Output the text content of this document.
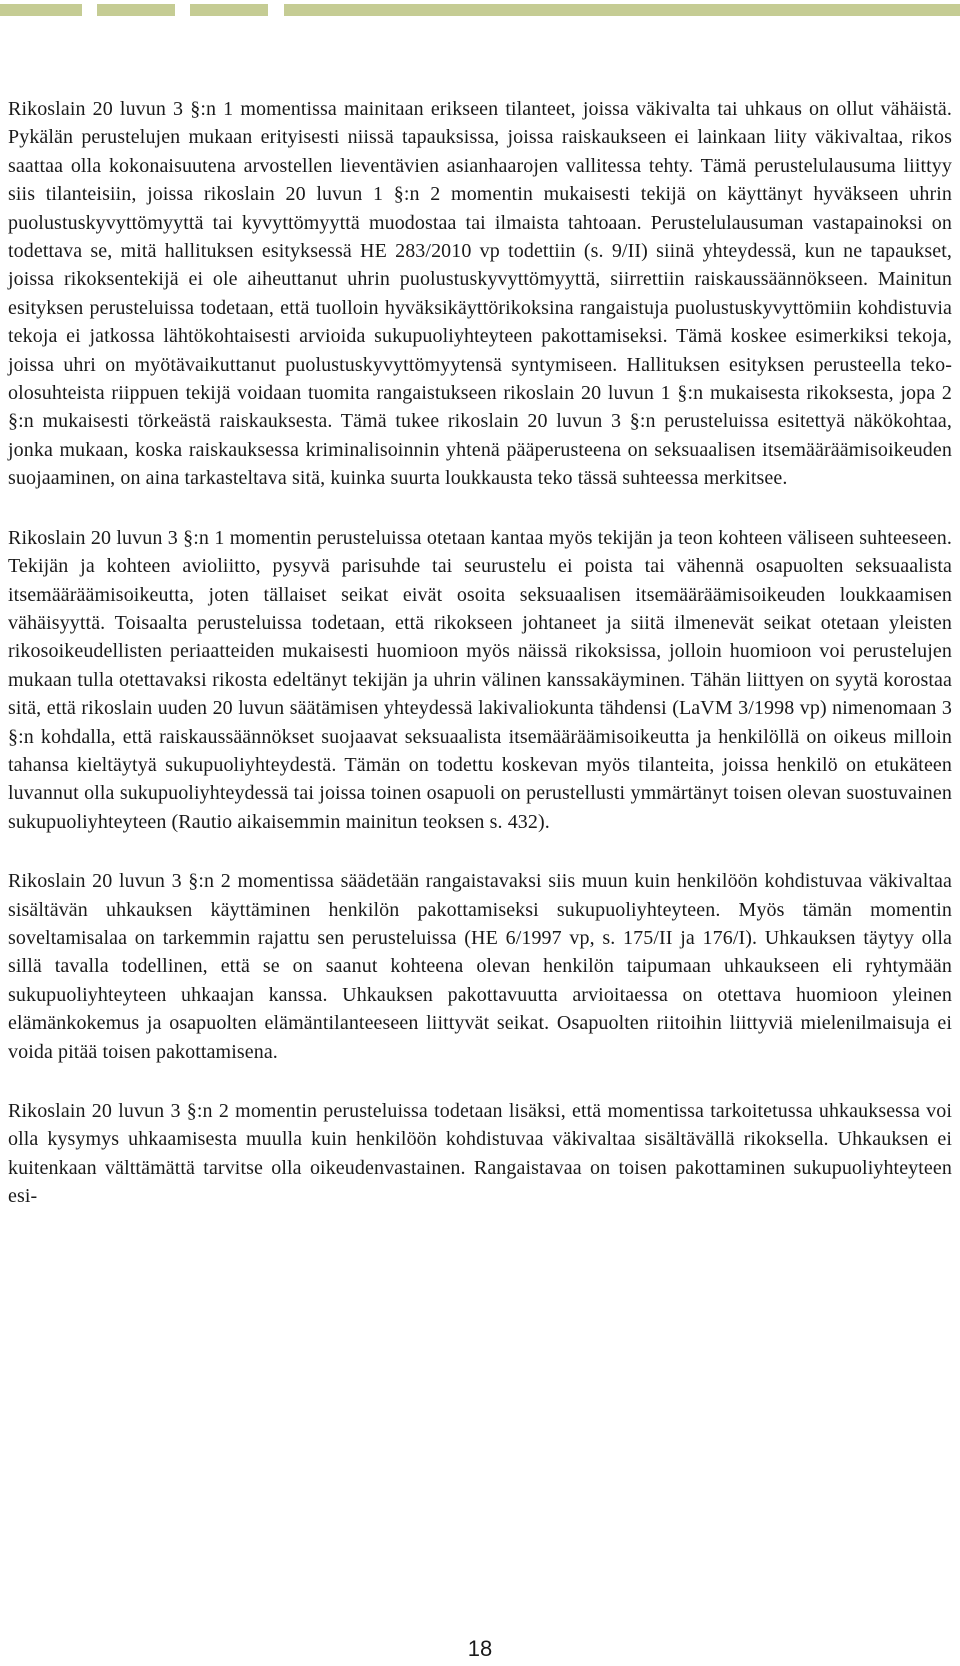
Rikoslain 20 luvun 3 §:n 1 momentissa mainitaan erikseen tilanteet, joissa väkivalta tai uhkaus on ollut vähäistä. Pykälän perustelujen mukaan erityisesti niissä tapauksissa, joissa raiskaukseen ei lainkaan liity väkivaltaa, rikos saattaa olla kokonaisuutena arvostellen lieventävien asianhaarojen vallitessa tehty. Tämä perustelulausuma liittyy siis tilanteisiin, joissa rikoslain 20 luvun 1 §:n 2 momentin mukaisesti tekijä on käyttänyt hyväkseen uhrin puolustuskyvyttömyyttä tai kyvyttömyyttä muodostaa tai ilmaista tahtoaan. Perustelulausuman vastapainoksi on todettava se, mitä hallituksen esityksessä HE 283/2010 vp todettiin (s. 9/II) siinä yhteydessä, kun ne tapaukset, joissa rikoksentekijä ei ole aiheuttanut uhrin puolustuskyvyttömyyttä, siirrettiin raiskaussäännökseen. Mainitun esityksen perusteluissa todetaan, että tuolloin hyväksikäyttörikoksina rangaistuja puolustuskyvyttömiin kohdistuvia tekoja ei jatkossa lähtökohtaisesti arvioida sukupuoliyhteyteen pakottamiseksi. Tämä koskee esimerkiksi tekoja, joissa uhri on myötävaikuttanut puolustuskyvyttömyytensä syntymiseen. Hallituksen esityksen perusteella teko-olosuhteista riippuen tekijä voidaan tuomita rangaistukseen rikoslain 20 luvun 1 §:n mukaisesta rikoksesta, jopa 2 §:n mukaisesti törkeästä raiskauksesta. Tämä tukee rikoslain 20 luvun 3 §:n perusteluissa esitettyä näkökohtaa, jonka mukaan, koska raiskauksessa kriminalisoinnin yhtenä pääperusteena on seksuaalisen itsemääräämisoikeuden suojaaminen, on aina tarkasteltava sitä, kuinka suurta loukkausta teko tässä suhteessa merkitsee.

Rikoslain 20 luvun 3 §:n 1 momentin perusteluissa otetaan kantaa myös tekijän ja teon kohteen väliseen suhteeseen. Tekijän ja kohteen avioliitto, pysyvä parisuhde tai seurustelu ei poista tai vähennä osapuolten seksuaalista itsemääräämisoikeutta, joten tällaiset seikat eivät osoita seksuaalisen itsemääräämisoikeuden loukkaamisen vähäisyyttä. Toisaalta perusteluissa todetaan, että rikokseen johtaneet ja siitä ilmenevät seikat otetaan yleisten rikosoikeudellisten periaatteiden mukaisesti huomioon myös näissä rikoksissa, jolloin huomioon voi perustelujen mukaan tulla otettavaksi rikosta edeltänyt tekijän ja uhrin välinen kanssakäyminen. Tähän liittyen on syytä korostaa sitä, että rikoslain uuden 20 luvun säätämisen yhteydessä lakivaliokunta tähdensi (LaVM 3/1998 vp) nimenomaan 3 §:n kohdalla, että raiskaussäännökset suojaavat seksuaalista itsemääräämisoikeutta ja henkilöllä on oikeus milloin tahansa kieltäytyä sukupuoliyhteydestä. Tämän on todettu koskevan myös tilanteita, joissa henkilö on etukäteen luvannut olla sukupuoliyhteydessä tai joissa toinen osapuoli on perustellusti ymmärtänyt toisen olevan suostuvainen sukupuoliyhteyteen (Rautio aikaisemmin mainitun teoksen s. 432).

Rikoslain 20 luvun 3 §:n 2 momentissa säädetään rangaistavaksi siis muun kuin henkilöön kohdistuvaa väkivaltaa sisältävän uhkauksen käyttäminen henkilön pakottamiseksi sukupuoliyhteyteen. Myös tämän momentin soveltamisalaa on tarkemmin rajattu sen perusteluissa (HE 6/1997 vp, s. 175/II ja 176/I). Uhkauksen täytyy olla sillä tavalla todellinen, että se on saanut kohteena olevan henkilön taipumaan uhkaukseen eli ryhtymään sukupuoliyhteyteen uhkaajan kanssa. Uhkauksen pakottavuutta arvioitaessa on otettava huomioon yleinen elämänkokemus ja osapuolten elämäntilanteeseen liittyvät seikat. Osapuolten riitoihin liittyviä mielenilmaisuja ei voida pitää toisen pakottamisena.

Rikoslain 20 luvun 3 §:n 2 momentin perusteluissa todetaan lisäksi, että momentissa tarkoitetussa uhkauksessa voi olla kysymys uhkaamisesta muulla kuin henkilöön kohdistuvaa väkivaltaa sisältävällä rikoksella. Uhkauksen ei kuitenkaan välttämättä tarvitse olla oikeudenvastainen. Rangaistavaa on toisen pakottaminen sukupuoliyhteyteen esi-

18
